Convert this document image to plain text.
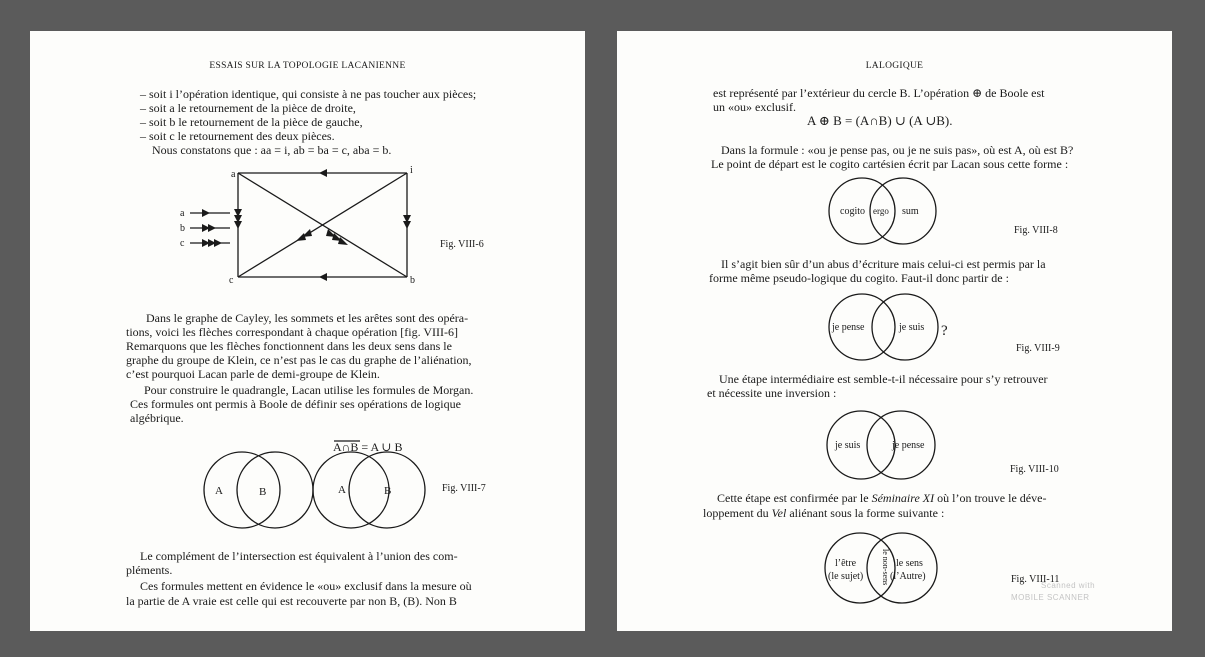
ESSAIS SUR LA TOPOLOGIE LACANIENNE
– soit i l’opération identique, qui consiste à ne pas toucher aux pièces;
– soit a le retournement de la pièce de droite,
– soit b le retournement de la pièce de gauche,
– soit c le retournement des deux pièces.
Nous constatons que : aa = i, ab = ba = c, aba = b.
a	i
c	b
a
b
c
A	B	A	B
A∩B = A ∪ B
Fig. VIII-6
Fig. VIII-7
Dans le graphe de Cayley, les sommets et les arêtes sont des opéra-
tions, voici les flèches correspondant à chaque opération [fig. VIII-6]
Remarquons que les flèches fonctionnent dans les deux sens dans le
graphe du groupe de Klein, ce n’est pas le cas du graphe de l’aliénation,
c’est pourquoi Lacan parle de demi-groupe de Klein.
Pour construire le quadrangle, Lacan utilise les formules de Morgan.
Ces formules ont permis à Boole de définir ses opérations de logique
algébrique.
Le complément de l’intersection est équivalent à l’union des com-
pléments.
Ces formules mettent en évidence le «ou» exclusif dans la mesure où
la partie de A vraie est celle qui est recouverte par non B, (B). Non B
LALOGIQUE
est représenté par l’extérieur du cercle B. L’opération ⊕ de Boole est
un «ou» exclusif.
A ⊕ B = (A∩B) ∪ (A ∪B).
Dans la formule : «ou je pense pas, ou je ne suis pas», où est A, où est B?
Le point de départ est le cogito cartésien écrit par Lacan sous cette forme :
cogito ergo sum
je pense	je suis ?
je suis	je pense
l’être
(le sujet)
le sens
(l’Autre)
le non-sens
Fig. VIII-8
Il s’agit bien sûr d’un abus d’écriture mais celui-ci est permis par la
forme même pseudo-logique du cogito. Faut-il donc partir de :
Fig. VIII-9
Une étape intermédiaire est semble-t-il nécessaire pour s’y retrouver
et nécessite une inversion :
Fig. VIII-10
Cette étape est confirmée par le Séminaire XI où l’on trouve le déve-
loppement du Vel aliénant sous la forme suivante :
Fig. VIII-11
Scanned with
MOBILE SCANNER
